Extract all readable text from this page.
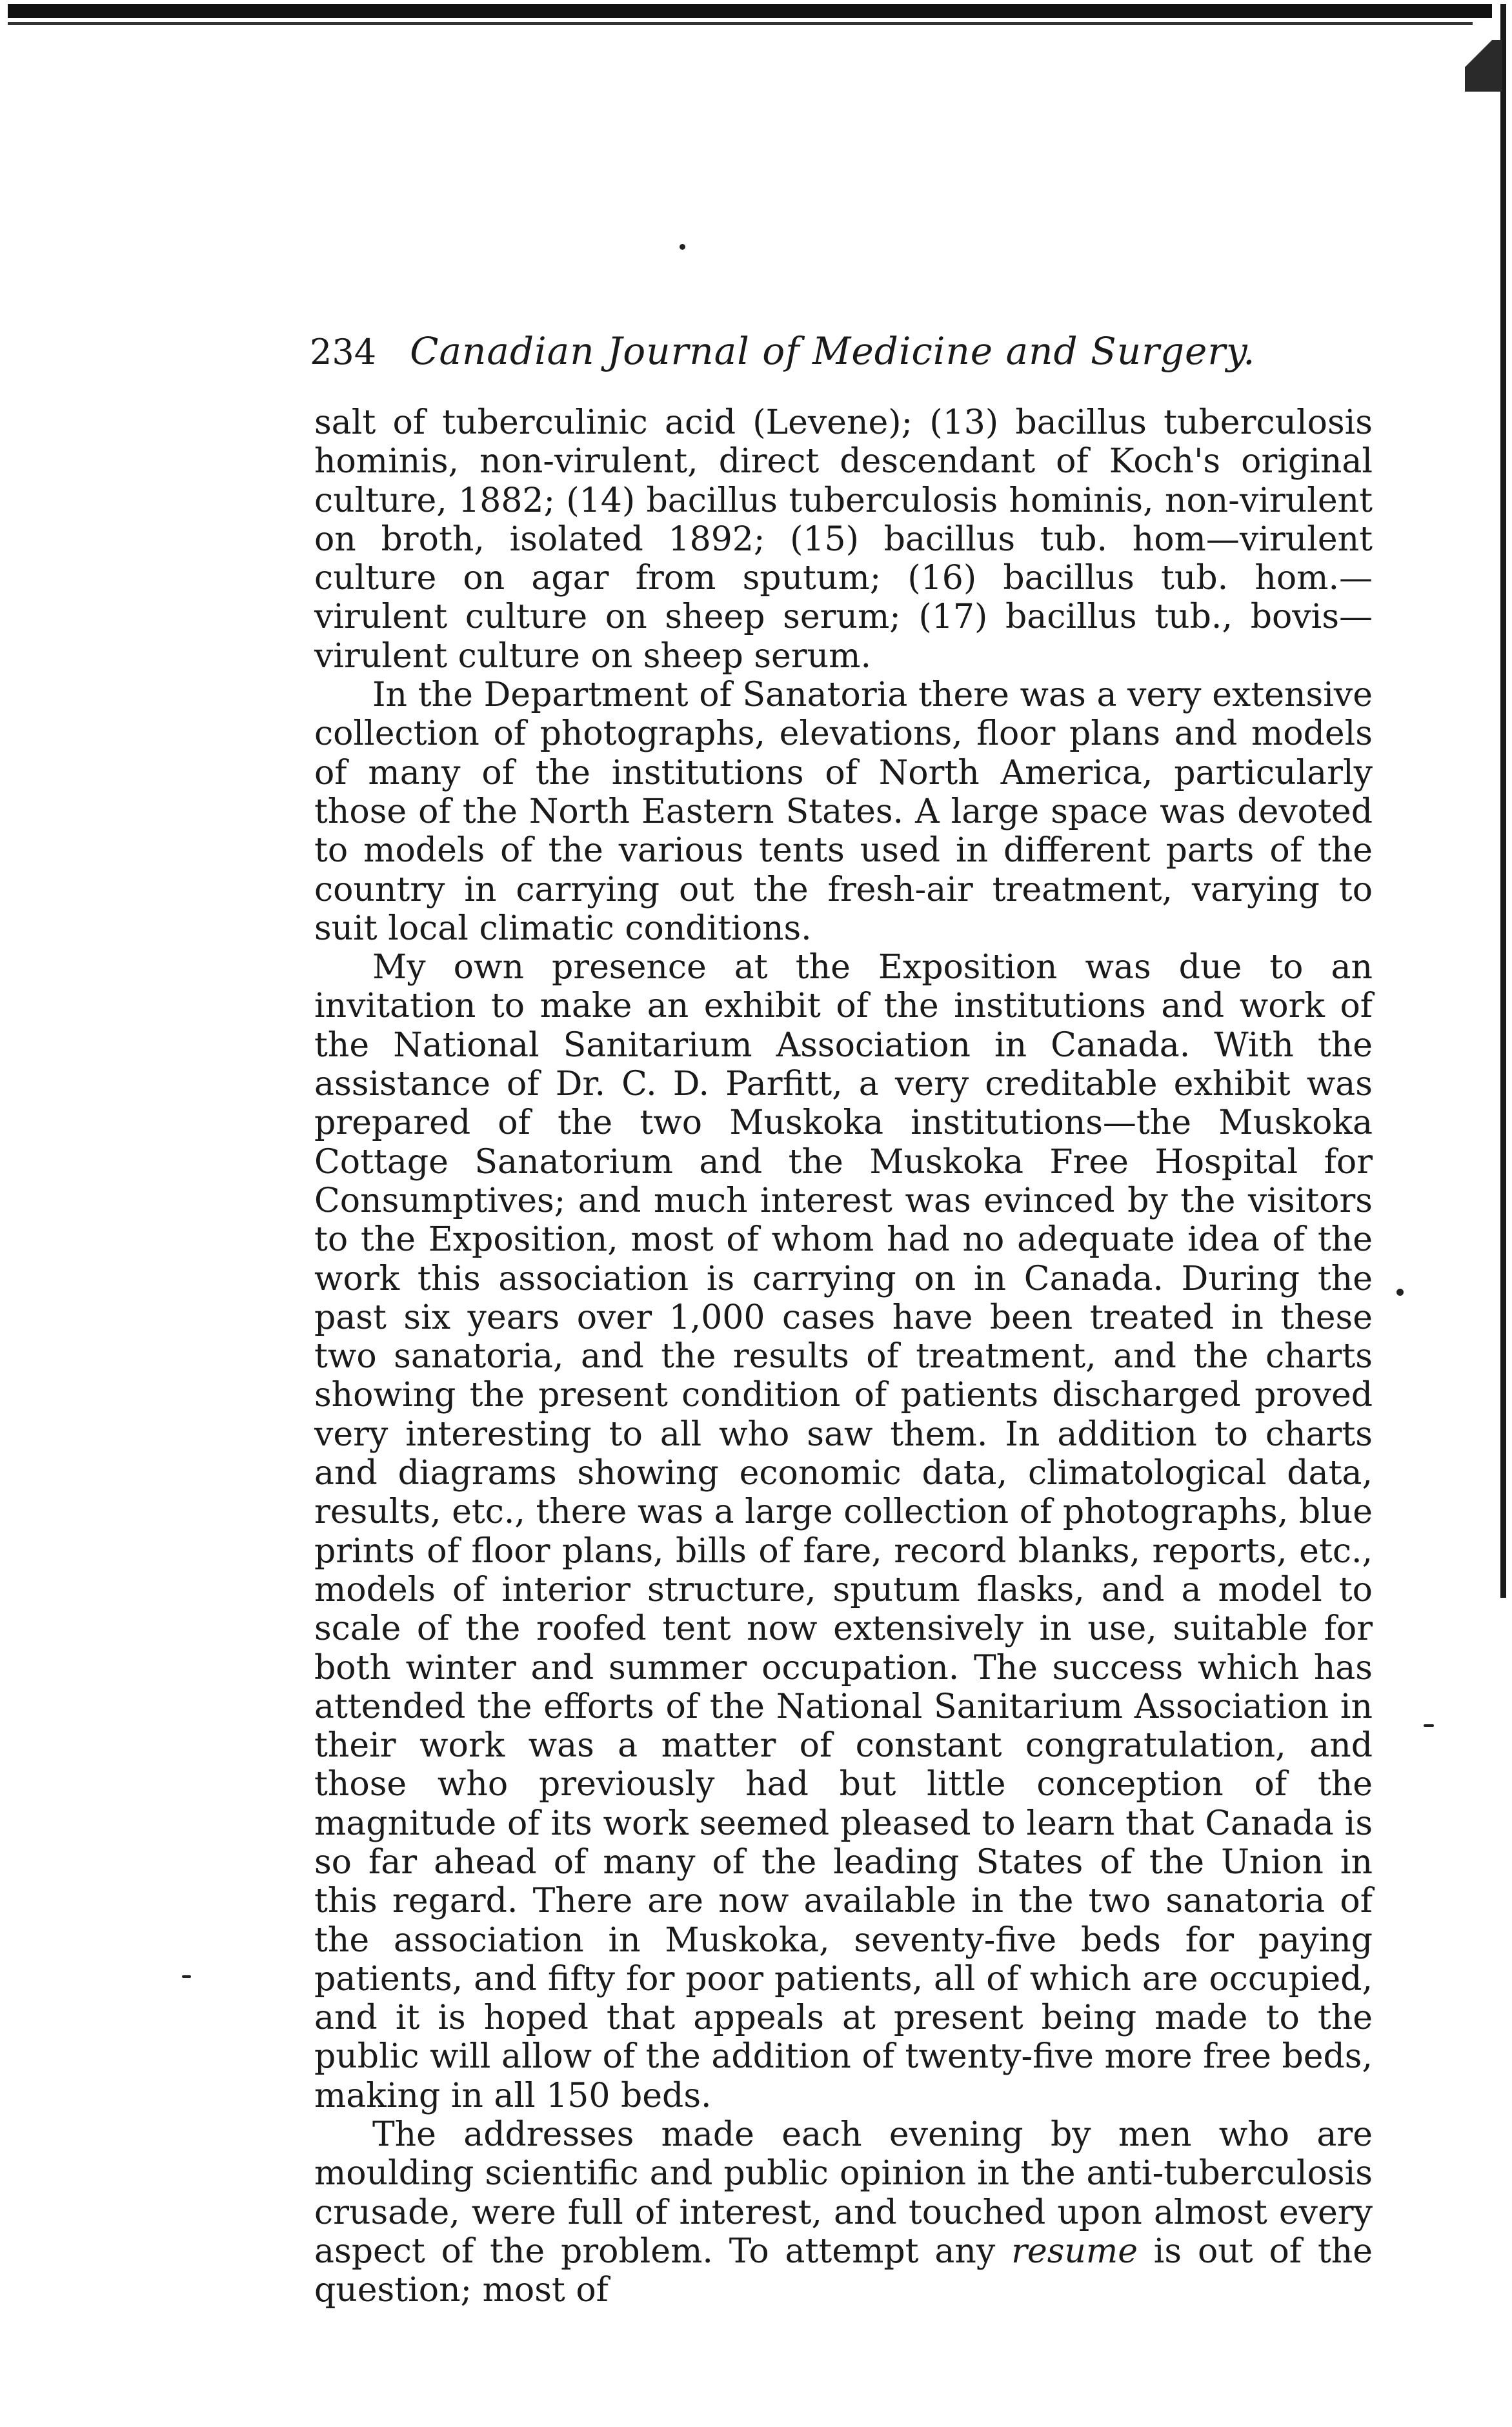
234 Canadian Journal of Medicine and Surgery.

salt of tuberculinic acid (Levene); (13) bacillus tuberculosis hominis, non-virulent, direct descendant of Koch's original culture, 1882; (14) bacillus tuberculosis hominis, non-virulent on broth, isolated 1892; (15) bacillus tub. hom—virulent culture on agar from sputum; (16) bacillus tub. hom.—virulent culture on sheep serum; (17) bacillus tub., bovis—virulent culture on sheep serum.

In the Department of Sanatoria there was a very extensive collection of photographs, elevations, floor plans and models of many of the institutions of North America, particularly those of the North Eastern States. A large space was devoted to models of the various tents used in different parts of the country in carrying out the fresh-air treatment, varying to suit local climatic conditions.

My own presence at the Exposition was due to an invitation to make an exhibit of the institutions and work of the National Sanitarium Association in Canada. With the assistance of Dr. C. D. Parfitt, a very creditable exhibit was prepared of the two Muskoka institutions—the Muskoka Cottage Sanatorium and the Muskoka Free Hospital for Consumptives; and much interest was evinced by the visitors to the Exposition, most of whom had no adequate idea of the work this association is carrying on in Canada. During the past six years over 1,000 cases have been treated in these two sanatoria, and the results of treatment, and the charts showing the present condition of patients discharged proved very interesting to all who saw them. In addition to charts and diagrams showing economic data, climatological data, results, etc., there was a large collection of photographs, blue prints of floor plans, bills of fare, record blanks, reports, etc., models of interior structure, sputum flasks, and a model to scale of the roofed tent now extensively in use, suitable for both winter and summer occupation. The success which has attended the efforts of the National Sanitarium Association in their work was a matter of constant congratulation, and those who previously had but little conception of the magnitude of its work seemed pleased to learn that Canada is so far ahead of many of the leading States of the Union in this regard. There are now available in the two sanatoria of the association in Muskoka, seventy-five beds for paying patients, and fifty for poor patients, all of which are occupied, and it is hoped that appeals at present being made to the public will allow of the addition of twenty-five more free beds, making in all 150 beds.

The addresses made each evening by men who are moulding scientific and public opinion in the anti-tuberculosis crusade, were full of interest, and touched upon almost every aspect of the problem. To attempt any resume is out of the question; most of
